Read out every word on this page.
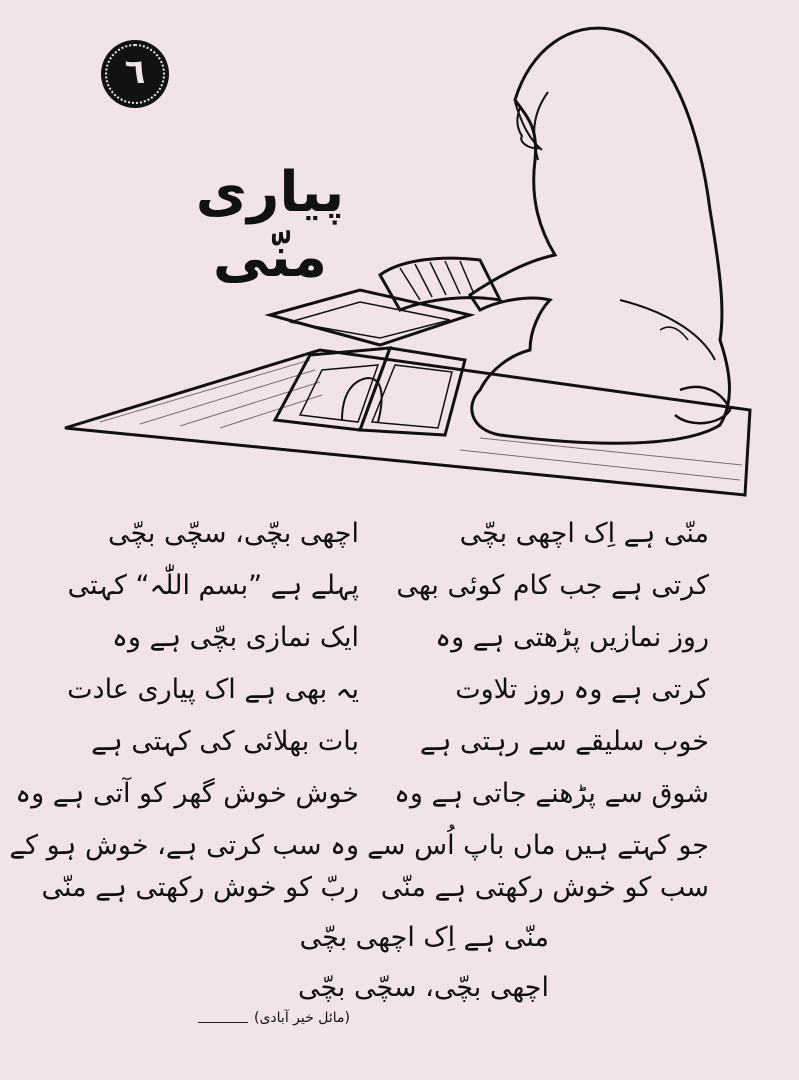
٦
پیاری منّی
منّی ہے اِک اچھی بچّی
کرتی ہے جب کام کوئی بھی
روز نمازیں پڑھتی ہے وہ
کرتی ہے وہ روز تلاوت
خوب سلیقے سے رہتی ہے
شوق سے پڑھنے جاتی ہے وہ
جو کہتے ہیں ماں باپ اُس سے
سب کو خوش رکھتی ہے منّی
اچھی بچّی، سچّی بچّی
پہلے ہے ”بسم اللّٰہ“ کہتی
ایک نمازی بچّی ہے وہ
یہ بھی ہے اک پیاری عادت
بات بھلائی کی کہتی ہے
خوش خوش گھر کو آتی ہے وہ
وہ سب کرتی ہے، خوش ہو کے
ربّ کو خوش رکھتی ہے منّی
منّی ہے اِک اچھی بچّی
اچھی بچّی، سچّی بچّی
(مائل خیر آبادی)
